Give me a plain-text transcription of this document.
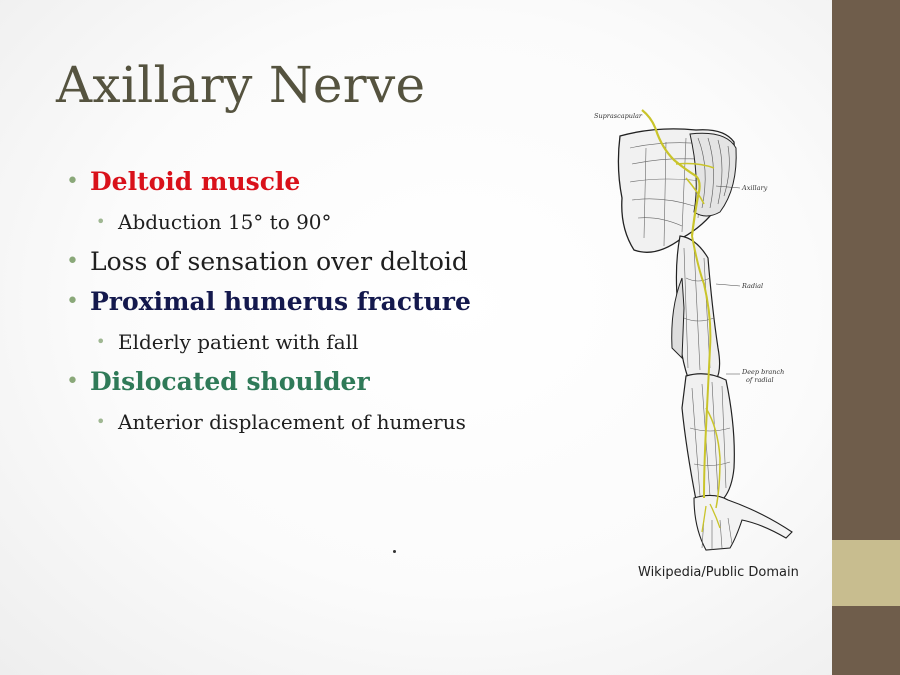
Axillary Nerve
• Deltoid muscle
• Abduction 15° to 90°
• Loss of sensation over deltoid
• Proximal humerus fracture
• Elderly patient with fall
• Dislocated shoulder
• Anterior displacement of humerus
Suprascapular
Axillary
Radial
Deep branch
of radial
Wikipedia/Public Domain
